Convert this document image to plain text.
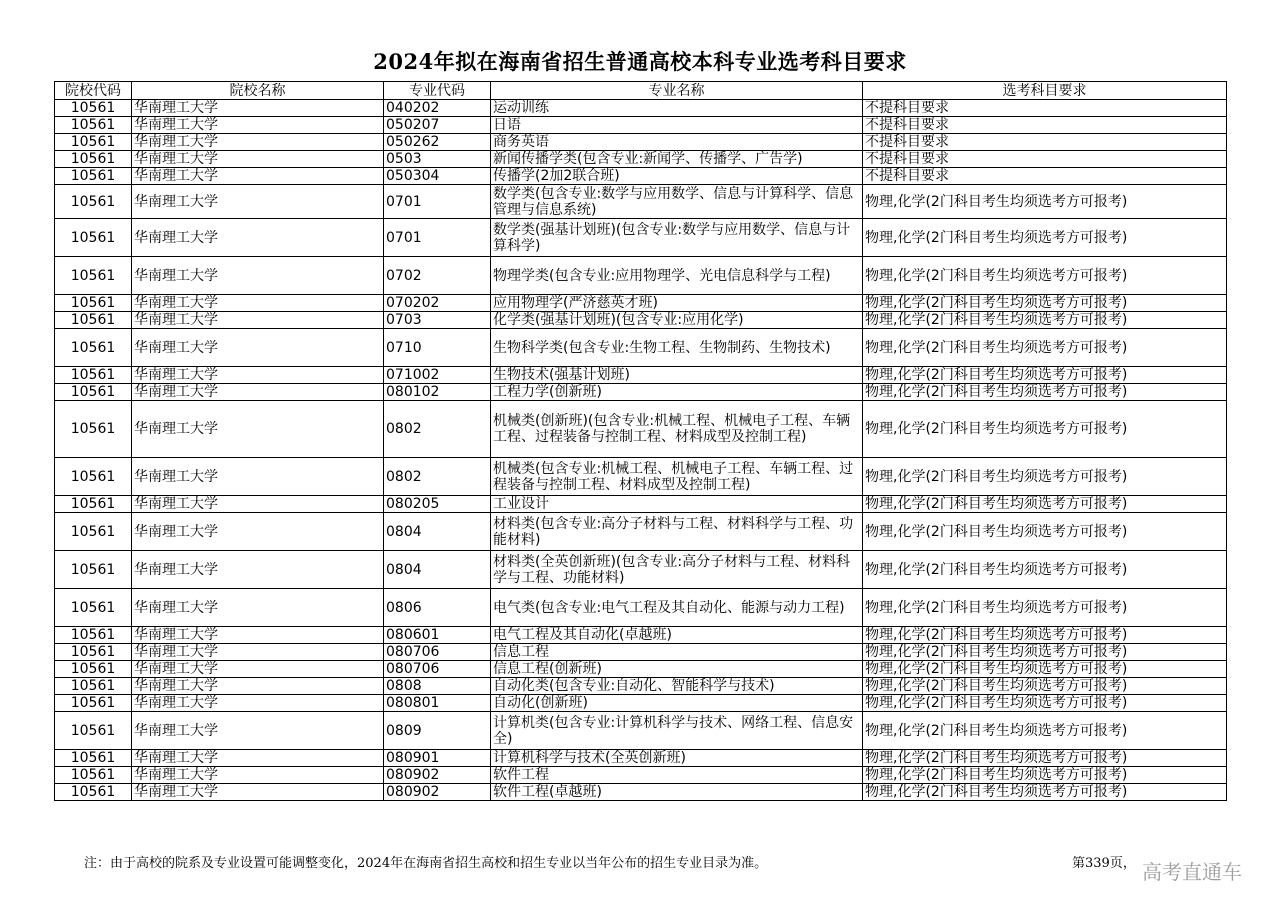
2024年拟在海南省招生普通高校本科专业选考科目要求
院校代码	院校名称	专业代码	专业名称	选考科目要求
10561	华南理工大学	040202	运动训练	不提科目要求
10561	华南理工大学	050207	日语	不提科目要求
10561	华南理工大学	050262	商务英语	不提科目要求
10561	华南理工大学	0503	新闻传播学类(包含专业:新闻学、传播学、广告学)	不提科目要求
10561	华南理工大学	050304	传播学(2加2联合班)	不提科目要求
10561	华南理工大学	0701	数学类(包含专业:数学与应用数学、信息与计算科学、信息管理与信息系统)	物理,化学(2门科目考生均须选考方可报考)
10561	华南理工大学	0701	数学类(强基计划班)(包含专业:数学与应用数学、信息与计算科学)	物理,化学(2门科目考生均须选考方可报考)
10561	华南理工大学	0702	物理学类(包含专业:应用物理学、光电信息科学与工程)	物理,化学(2门科目考生均须选考方可报考)
10561	华南理工大学	070202	应用物理学(严济慈英才班)	物理,化学(2门科目考生均须选考方可报考)
10561	华南理工大学	0703	化学类(强基计划班)(包含专业:应用化学)	物理,化学(2门科目考生均须选考方可报考)
10561	华南理工大学	0710	生物科学类(包含专业:生物工程、生物制药、生物技术)	物理,化学(2门科目考生均须选考方可报考)
10561	华南理工大学	071002	生物技术(强基计划班)	物理,化学(2门科目考生均须选考方可报考)
10561	华南理工大学	080102	工程力学(创新班)	物理,化学(2门科目考生均须选考方可报考)
10561	华南理工大学	0802	机械类(创新班)(包含专业:机械工程、机械电子工程、车辆工程、过程装备与控制工程、材料成型及控制工程)	物理,化学(2门科目考生均须选考方可报考)
10561	华南理工大学	0802	机械类(包含专业:机械工程、机械电子工程、车辆工程、过程装备与控制工程、材料成型及控制工程)	物理,化学(2门科目考生均须选考方可报考)
10561	华南理工大学	080205	工业设计	物理,化学(2门科目考生均须选考方可报考)
10561	华南理工大学	0804	材料类(包含专业:高分子材料与工程、材料科学与工程、功能材料)	物理,化学(2门科目考生均须选考方可报考)
10561	华南理工大学	0804	材料类(全英创新班)(包含专业:高分子材料与工程、材料科学与工程、功能材料)	物理,化学(2门科目考生均须选考方可报考)
10561	华南理工大学	0806	电气类(包含专业:电气工程及其自动化、能源与动力工程)	物理,化学(2门科目考生均须选考方可报考)
10561	华南理工大学	080601	电气工程及其自动化(卓越班)	物理,化学(2门科目考生均须选考方可报考)
10561	华南理工大学	080706	信息工程	物理,化学(2门科目考生均须选考方可报考)
10561	华南理工大学	080706	信息工程(创新班)	物理,化学(2门科目考生均须选考方可报考)
10561	华南理工大学	0808	自动化类(包含专业:自动化、智能科学与技术)	物理,化学(2门科目考生均须选考方可报考)
10561	华南理工大学	080801	自动化(创新班)	物理,化学(2门科目考生均须选考方可报考)
10561	华南理工大学	0809	计算机类(包含专业:计算机科学与技术、网络工程、信息安全)	物理,化学(2门科目考生均须选考方可报考)
10561	华南理工大学	080901	计算机科学与技术(全英创新班)	物理,化学(2门科目考生均须选考方可报考)
10561	华南理工大学	080902	软件工程	物理,化学(2门科目考生均须选考方可报考)
10561	华南理工大学	080902	软件工程(卓越班)	物理,化学(2门科目考生均须选考方可报考)
注：由于高校的院系及专业设置可能调整变化，2024年在海南省招生高校和招生专业以当年公布的招生专业目录为准。	第339页， 高考直通车
